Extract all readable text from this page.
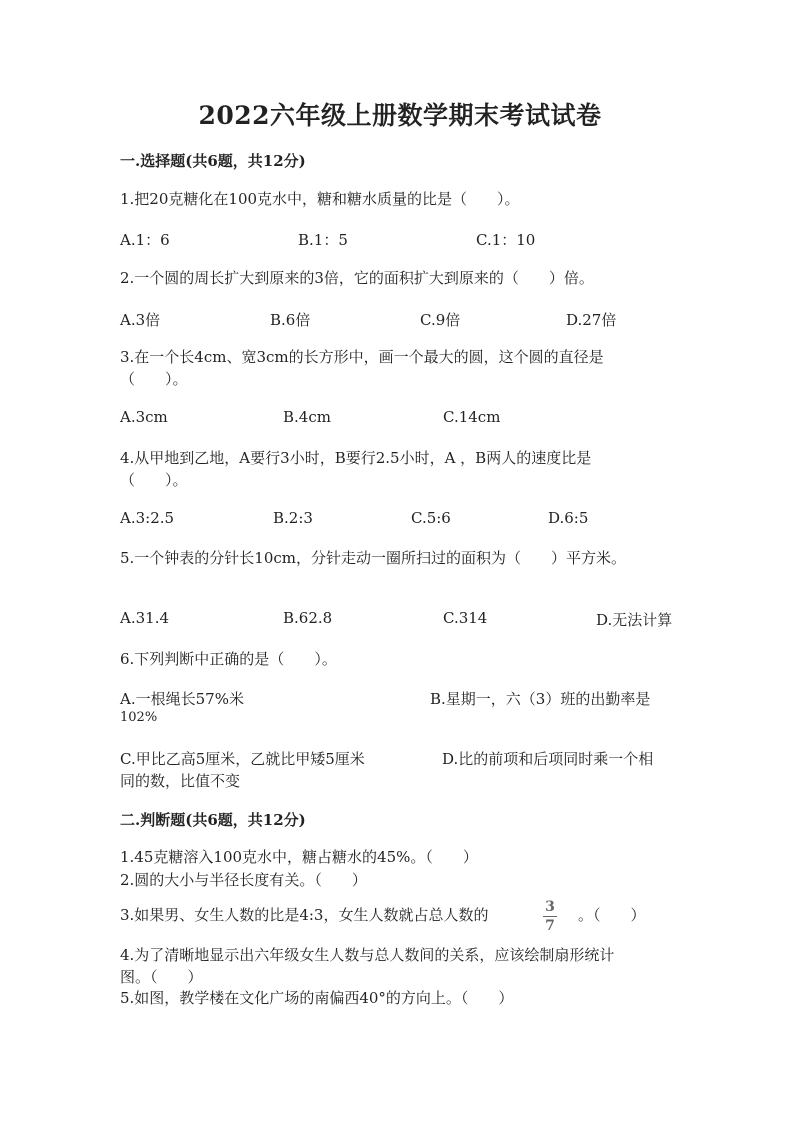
2022六年级上册数学期末考试试卷
一.选择题(共6题，共12分)
1.把20克糖化在100克水中，糖和糖水质量的比是（　　）。
A.1：6	B.1：5	C.1：10
2.一个圆的周长扩大到原来的3倍，它的面积扩大到原来的（　　）倍。
A.3倍	B.6倍	C.9倍	D.27倍
3.在一个长4cm、宽3cm的长方形中，画一个最大的圆，这个圆的直径是
（　　）。
A.3cm	B.4cm	C.14cm
4.从甲地到乙地，A要行3小时，B要行2.5小时，A ，B两人的速度比是
（　　）。
A.3:2.5	B.2:3	C.5:6	D.6:5
5.一个钟表的分针长10cm，分针走动一圈所扫过的面积为（　　）平方米。
A.31.4	B.62.8	C.314	D.无法计算
6.下列判断中正确的是（　　）。
A.一根绳长57%米	B.星期一，六（3）班的出勤率是
102%
C.甲比乙高5厘米，乙就比甲矮5厘米	D.比的前项和后项同时乘一个相
同的数，比值不变
二.判断题(共6题，共12分)
1.45克糖溶入100克水中，糖占糖水的45%。（　　）
2.圆的大小与半径长度有关。（　　）
3.如果男、女生人数的比是4:3，女生人数就占总人数的	3
7
。（　　）
4.为了清晰地显示出六年级女生人数与总人数间的关系，应该绘制扇形统计
图。（　　）
5.如图，教学楼在文化广场的南偏西40°的方向上。（　　）
